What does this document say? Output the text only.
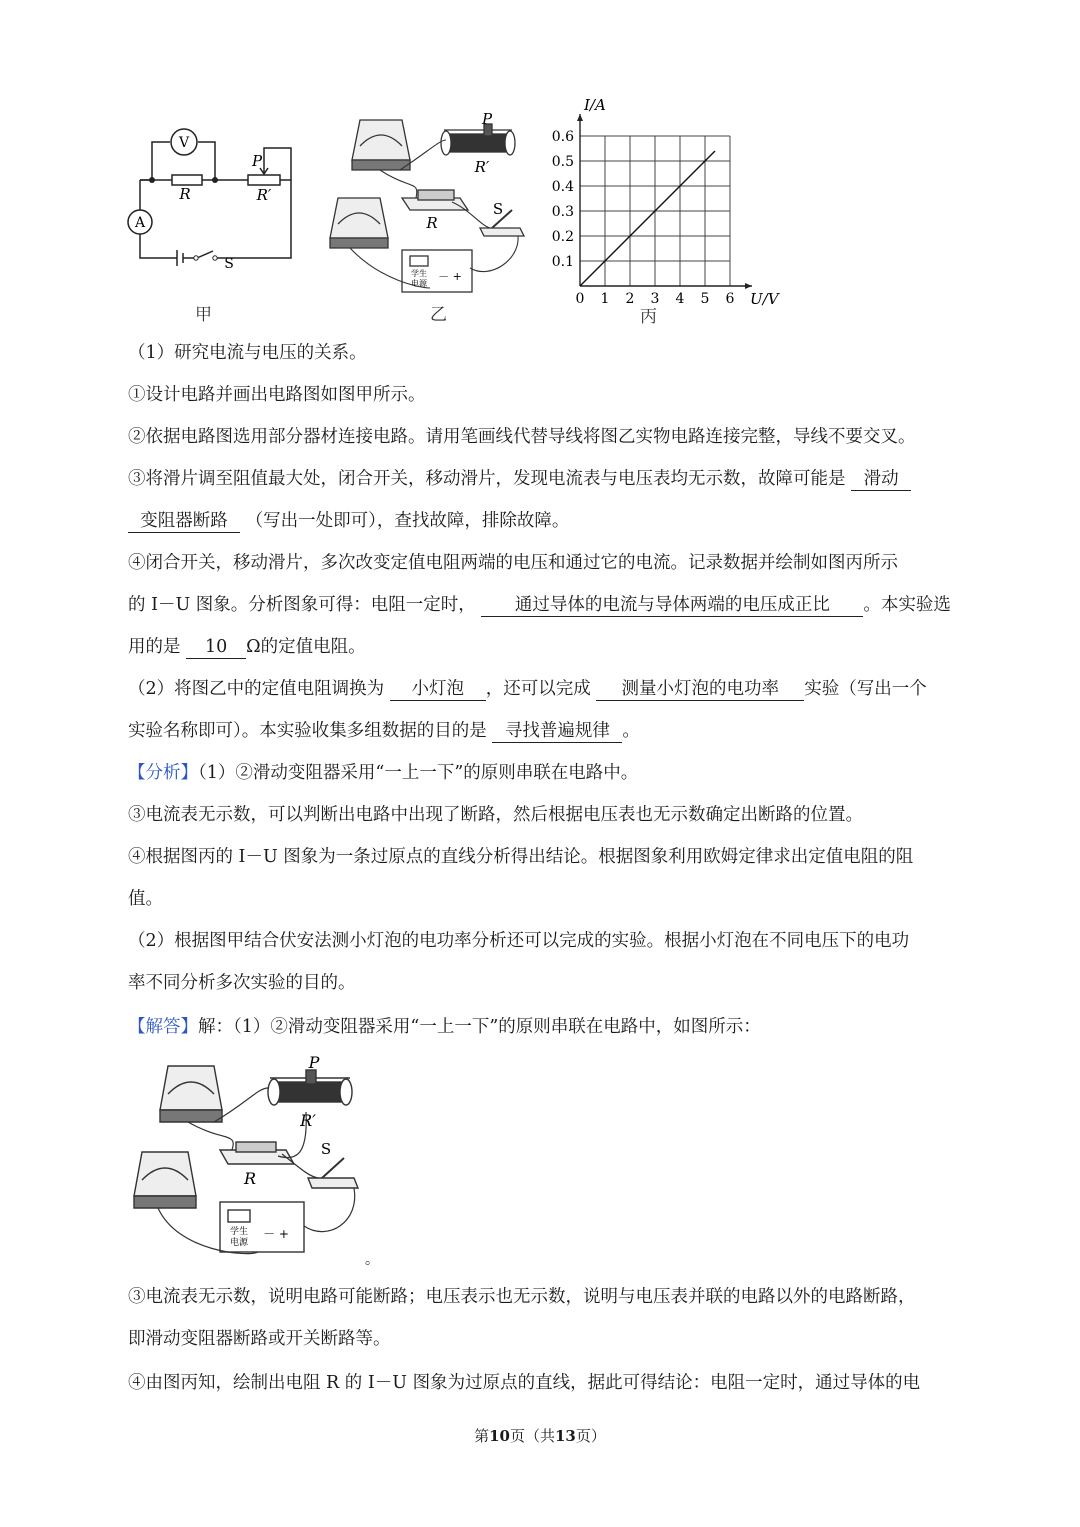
V
A
R	R′
P
S
甲
P
R′
R
S
学生
电源
－ +
乙
0 1 2 3 4 5 6
0.1
0.2
0.3
0.4
0.5
0.6
U/V
I/A
丙
（1）研究电流与电压的关系。
①设计电路并画出电路图如图甲所示。
②依据电路图选用部分器材连接电路。请用笔画线代替导线将图乙实物电路连接完整，导线不要交叉。
③将滑片调至阻值最大处，闭合开关，移动滑片，发现电流表与电压表均无示数，故障可能是 滑动
变阻器断路 （写出一处即可），查找故障，排除故障。
④闭合开关，移动滑片，多次改变定值电阻两端的电压和通过它的电流。记录数据并绘制如图丙所示
的 I－U 图象。分析图象可得：电阻一定时， 通过导体的电流与导体两端的电压成正比 。本实验选
用的是 10 Ω的定值电阻。
（2）将图乙中的定值电阻调换为 小灯泡 ，还可以完成 测量小灯泡的电功率 实验（写出一个
实验名称即可）。本实验收集多组数据的目的是 寻找普遍规律 。
【分析】（1）②滑动变阻器采用“一上一下”的原则串联在电路中。
③电流表无示数，可以判断出电路中出现了断路，然后根据电压表也无示数确定出断路的位置。
④根据图丙的 I－U 图象为一条过原点的直线分析得出结论。根据图象利用欧姆定律求出定值电阻的阻
值。
（2）根据图甲结合伏安法测小灯泡的电功率分析还可以完成的实验。根据小灯泡在不同电压下的电功
率不同分析多次实验的目的。
【解答】解：（1）②滑动变阻器采用“一上一下”的原则串联在电路中，如图所示：
P
R′
R
S
学生
电源
－ +
。
③电流表无示数，说明电路可能断路；电压表示也无示数，说明与电压表并联的电路以外的电路断路，
即滑动变阻器断路或开关断路等。
④由图丙知，绘制出电阻 R 的 I－U 图象为过原点的直线，据此可得结论：电阻一定时，通过导体的电
第10页（共13页）
